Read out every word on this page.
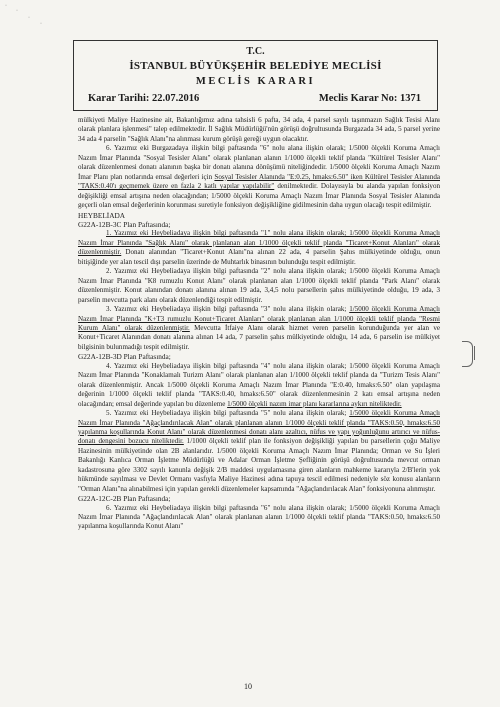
·
·
·
·
T.C.
İSTANBUL BÜYÜKŞEHİR BELEDİYE MECLİSİ
MECLİS KARARI
Karar Tarihi: 22.07.2016	Meclis Karar No: 1371

mülkiyeti Maliye Hazinesine ait, Bakanlığımız adına tahsisli 6 pafta, 34 ada, 4 parsel sayılı taşınmazın Sağlık Tesisi Alanı olarak planlara işlenmesi" talep edilmektedir. İl Sağlık Müdürlüğü'nün görüşü doğrultusunda Burgazada 34 ada, 5 parsel yerine 34 ada 4 parselin "Sağlık Alanı"na alınması kurum görüşü gereği uygun olacaktır.

6. Yazımız eki Burgazadaya ilişkin bilgi paftasında "6" nolu alana ilişkin olarak; 1/5000 ölçekli Koruma Amaçlı Nazım İmar Planında "Sosyal Tesisler Alanı" olarak planlanan alanın 1/1000 ölçekli teklif planda "Kültürel Tesisler Alanı" olarak düzenlenmesi donatı alanının başka bir donatı alanına dönüşümü niteliğindedir. 1/5000 ölçekli Koruma Amaçlı Nazım İmar Planı plan notlarında emsal değerleri için Sosyal Tesisler Alanında "E:0.25, hmaks:6.50" iken Kültürel Tesisler Alanında "TAKS:0.40'ı geçmemek üzere en fazla 2 katlı yapılar yapılabilir" denilmektedir. Dolayısıyla bu alanda yapılan fonksiyon değişikliği emsal artışına neden olacağından; 1/5000 ölçekli Koruma Amaçlı Nazım İmar Planında Sosyal Tesisler Alanında geçerli olan emsal değerlerinin korunması suretiyle fonksiyon değişikliğine gidilmesinin daha uygun olacağı tespit edilmiştir.

HEYBELİADA

G22A-12B-3C Plan Paftasında;

1. Yazımız eki Heybeliadaya ilişkin bilgi paftasında "1" nolu alana ilişkin olarak; 1/5000 ölçekli Koruma Amaçlı Nazım İmar Planında "Sağlık Alanı" olarak planlanan alan 1/1000 ölçekli teklif planda "Ticaret+Konut Alanları" olarak düzenlenmiştir. Donatı alanından "Ticaret+Konut Alanı"na alınan 22 ada, 4 parselin Şahıs mülkiyetinde olduğu, onun bitişiğinde yer alan tescil dışı parselin üzerinde de Muhtarlık binasının bulunduğu tespit edilmiştir.

2. Yazımız eki Heybeliadaya ilişkin bilgi paftasında "2" nolu alana ilişkin olarak; 1/5000 ölçekli Koruma Amaçlı Nazım İmar Planında "K8 rumuzlu Konut Alanı" olarak planlanan alan 1/1000 ölçekli teklif planda "Park Alanı" olarak düzenlenmiştir. Konut alanından donatı alanına alınan 19 ada, 3,4,5 nolu parsellerin şahıs mülkiyetinde olduğu, 19 ada, 3 parselin mevcutta park alanı olarak düzenlendiği tespit edilmiştir.

3. Yazımız eki Heybeliadaya ilişkin bilgi paftasında "3" nolu alana ilişkin olarak; 1/5000 ölçekli Koruma Amaçlı Nazım İmar Planında "K+T3 rumuzlu Konut+Ticaret Alanları" olarak planlanan alan 1/1000 ölçekli teklif planda "Resmi Kurum Alanı" olarak düzenlenmiştir. Mevcutta İtfaiye Alanı olarak hizmet veren parselin korunduğunda yer alan ve Konut+Ticaret Alanından donatı alanına alınan 14 ada, 7 parselin şahıs mülkiyetinde olduğu, 14 ada, 6 parselin ise mülkiyet bilgisinin bulunmadığı tespit edilmiştir.

G22A-12B-3D Plan Paftasında;

4. Yazımız eki Heybeliadaya ilişkin bilgi paftasında "4" nolu alana ilişkin olarak; 1/5000 ölçekli Koruma Amaçlı Nazım İmar Planında "Konaklamalı Turizm Alanı" olarak planlanan alan 1/1000 ölçekli teklif planda da "Turizm Tesis Alanı" olarak düzenlenmiştir. Ancak 1/5000 ölçekli Koruma Amaçlı Nazım İmar Planında "E:0.40, hmaks:6.50" olan yapılaşma değerinin 1/1000 ölçekli teklif planda "TAKS:0.40, hmaks:6.50" olarak düzenlenmesinin 2 katı emsal artışına neden olacağından; emsal değerinde yapılan bu düzenleme 1/5000 ölçekli nazım imar planı kararlarına aykırı niteliktedir.

5. Yazımız eki Heybeliadaya ilişkin bilgi paftasında "5" nolu alana ilişkin olarak; 1/5000 ölçekli Koruma Amaçlı Nazım İmar Planında "Ağaçlandırılacak Alan" olarak planlanan alanın 1/1000 ölçekli teklif planda "TAKS:0.50, hmaks:6.50 yapılanma koşullarında Konut Alanı" olarak düzenlenmesi donatı alanı azaltıcı, nüfus ve yapı yoğunluğunu artırıcı ve nüfus-donatı dengesini bozucu niteliktedir. 1/1000 ölçekli teklif plan ile fonksiyon değişikliği yapılan bu parsellerin çoğu Maliye Hazinesinin mülkiyetinde olan 2B alanlarıdır. 1/5000 ölçekli Koruma Amaçlı Nazım İmar Planında; Orman ve Su İşleri Bakanlığı Kanlıca Orman İşletme Müdürlüğü ve Adalar Orman İşletme Şefliğinin görüşü doğrultusunda mevcut orman kadastrosuna göre 3302 sayılı kanunla değişik 2/B maddesi uygulamasına giren alanların mahkeme kararıyla 2/B'lerin yok hükmünde sayılması ve Devlet Ormanı vasfıyla Maliye Hazinesi adına tapuya tescil edilmesi nedeniyle söz konusu alanların "Orman Alanı"na alınabilmesi için yapılan gerekli düzenlemeler kapsamında "Ağaçlandırılacak Alan" fonksiyonuna alınmıştır.

G22A-12C-2B Plan Paftasında;

6. Yazımız eki Heybeliadaya ilişkin bilgi paftasında "6" nolu alana ilişkin olarak; 1/5000 ölçekli Koruma Amaçlı Nazım İmar Planında "Ağaçlandırılacak Alan" olarak planlanan alanın 1/1000 ölçekli teklif planda "TAKS:0.50, hmaks:6.50 yapılanma koşullarında Konut Alanı"

10
